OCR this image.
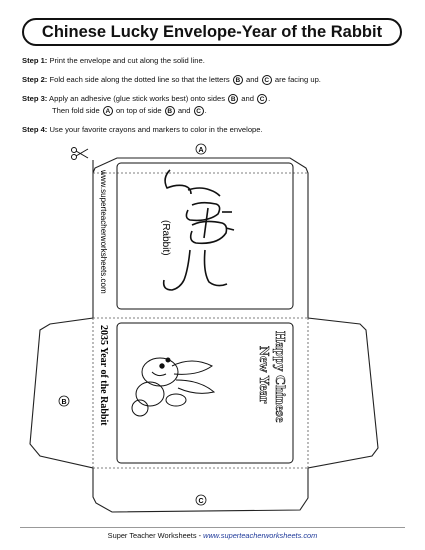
Chinese Lucky Envelope-Year of the Rabbit
Step 1: Print the envelope and cut along the solid line.
Step 2: Fold each side along the dotted line so that the letters B and C are facing up.
Step 3: Apply an adhesive (glue stick works best) onto sides B and C .
Then fold side A on top of side B and C .
Step 4: Use your favorite crayons and markers to color in the envelope.
A
B
C
www.superteacherworksheets.com	(Rabbit)
2035 Year of the Rabbit	Happy Chinese
New Year
Super Teacher Worksheets - www.superteacherworksheets.com
